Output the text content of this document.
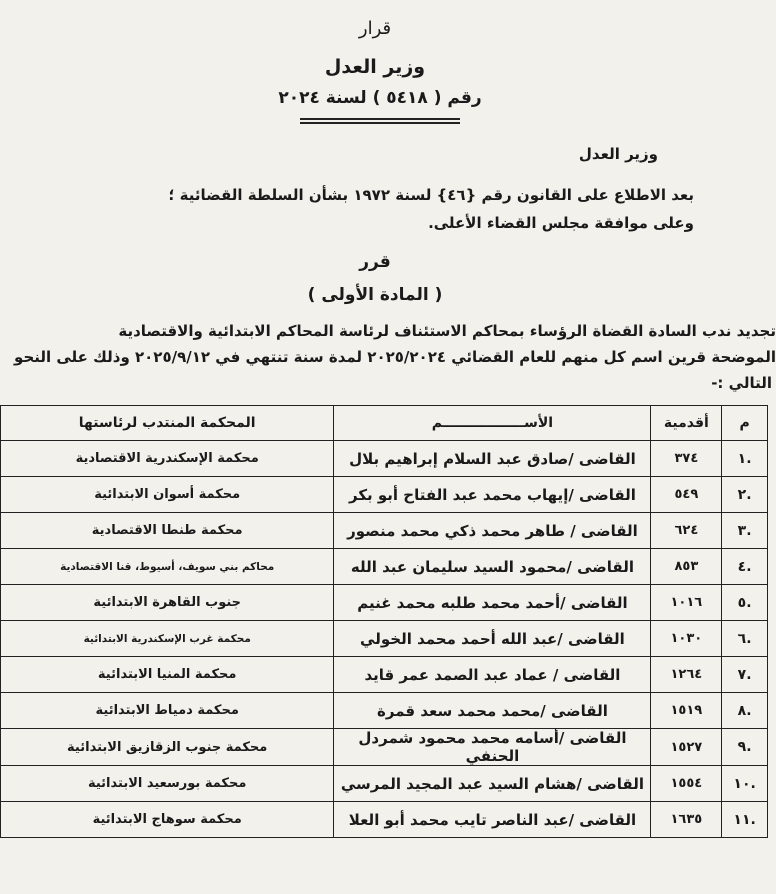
قرار
وزير العدل
رقم ( ٥٤١٨ ) لسنة ٢٠٢٤
وزير العدل
بعد الاطلاع على القانون رقم {٤٦} لسنة ١٩٧٢ بشأن السلطة القضائية ؛
وعلى موافقة مجلس القضاء الأعلى.
قرر
( المادة الأولى )
تجديد ندب السادة القضاة الرؤساء بمحاكم الاستئناف لرئاسة المحاكم الابتدائية والاقتصادية
الموضحة قرين اسم كل منهم للعام القضائي ٢٠٢٥/٢٠٢٤ لمدة سنة تنتهي في ٢٠٢٥/٩/١٢ وذلك على النحو
التالي :-
م	أقدمية	الأســـــــــــــــــم	المحكمة المنتدب لرئاستها
.١	٣٧٤	القاضى /صادق عبد السلام إبراهيم بلال	محكمة الإسكندرية الاقتصادية
.٢	٥٤٩	القاضى /إيهاب محمد عبد الفتاح أبو بكر	محكمة أسوان الابتدائية
.٣	٦٢٤	القاضى / طاهر محمد ذكي محمد منصور	محكمة طنطا الاقتصادية
.٤	٨٥٣	القاضى /محمود السيد سليمان عبد الله	محاكم بني سويف، أسيوط، قنا الاقتصادية
.٥	١٠١٦	القاضى /أحمد محمد طلبه محمد غنيم	جنوب القاهرة الابتدائية
.٦	١٠٣٠	القاضى /عبد الله أحمد محمد الخولي	محكمة غرب الإسكندرية الابتدائية
.٧	١٢٦٤	القاضى / عماد عبد الصمد عمر قايد	محكمة المنيا الابتدائية
.٨	١٥١٩	القاضى /محمد محمد سعد قمرة	محكمة دمياط الابتدائية
.٩	١٥٢٧	القاضى /أسامه محمد محمود شمردل الحنفي	محكمة جنوب الزقازيق الابتدائية
.١٠	١٥٥٤	القاضى /هشام السيد عبد المجيد المرسي	محكمة بورسعيد الابتدائية
.١١	١٦٣٥	القاضى /عبد الناصر تايب محمد أبو العلا	محكمة سوهاج الابتدائية
